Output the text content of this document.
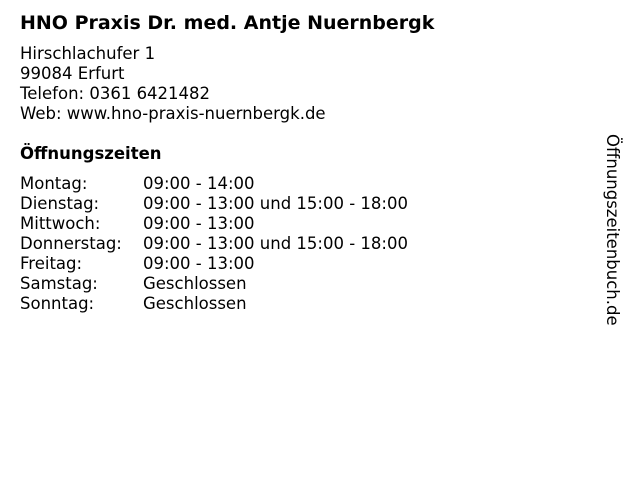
HNO Praxis Dr. med. Antje Nuernbergk
Hirschlachufer 1
99084 Erfurt
Telefon: 0361 6421482
Web: www.hno-praxis-nuernbergk.de
Öffnungszeiten
Montag:	09:00 - 14:00
Dienstag:	09:00 - 13:00 und 15:00 - 18:00
Mittwoch:	09:00 - 13:00
Donnerstag: 09:00 - 13:00 und 15:00 - 18:00
Freitag:	09:00 - 13:00
Samstag:	Geschlossen
Sonntag:	Geschlossen	Öffnungszeitenbuch.de
